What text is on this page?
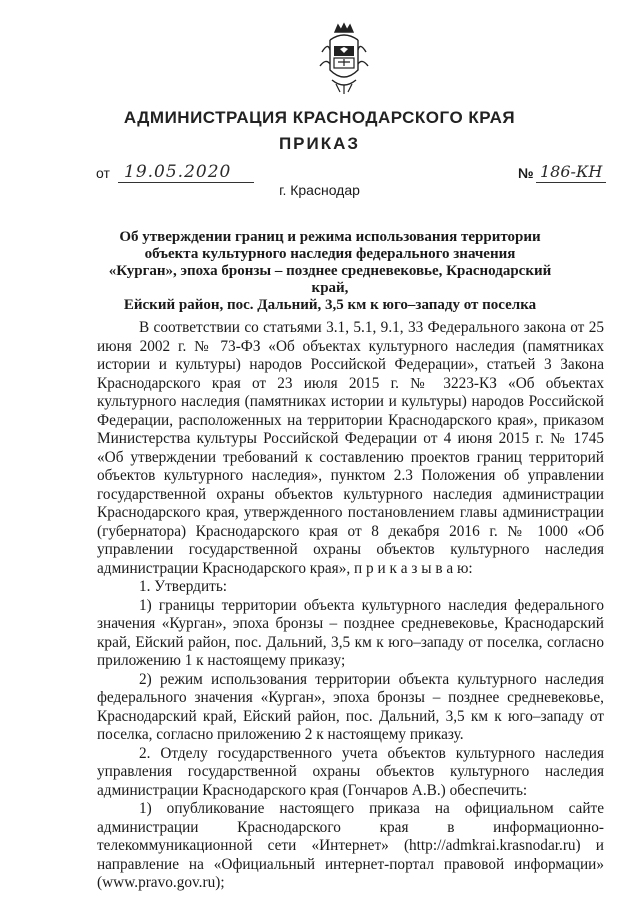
АДМИНИСТРАЦИЯ КРАСНОДАРСКОГО КРАЯ
ПРИКАЗ
от 19.05.2020	№ 186-КН
г. Краснодар
Об утверждении границ и режима использования территории
объекта культурного наследия федерального значения
«Курган», эпоха бронзы – позднее средневековье, Краснодарский край,
Ейский район, пос. Дальний, 3,5 км к юго–западу от поселка

В соответствии со статьями 3.1, 5.1, 9.1, 33 Федерального закона от 25 июня 2002 г. № 73-ФЗ «Об объектах культурного наследия (памятниках истории и культуры) народов Российской Федерации», статьей 3 Закона Краснодарского края от 23 июля 2015 г. № 3223-КЗ «Об объектах культурного наследия (памятниках истории и культуры) народов Российской Федерации, расположенных на территории Краснодарского края», приказом Министерства культуры Российской Федерации от 4 июня 2015 г. № 1745 «Об утверждении требований к составлению проектов границ территорий объектов культурного наследия», пунктом 2.3 Положения об управлении государственной охраны объектов культурного наследия администрации Краснодарского края, утвержденного постановлением главы администрации (губернатора) Краснодарского края от 8 декабря 2016 г. № 1000 «Об управлении государственной охраны объектов культурного наследия администрации Краснодарского края», п р и к а з ы в а ю:

1. Утвердить:

1) границы территории объекта культурного наследия федерального значения «Курган», эпоха бронзы – позднее средневековье, Краснодарский край, Ейский район, пос. Дальний, 3,5 км к юго–западу от поселка, согласно приложению 1 к настоящему приказу;

2) режим использования территории объекта культурного наследия федерального значения «Курган», эпоха бронзы – позднее средневековье, Краснодарский край, Ейский район, пос. Дальний, 3,5 км к юго–западу от поселка, согласно приложению 2 к настоящему приказу.

2. Отделу государственного учета объектов культурного наследия управления государственной охраны объектов культурного наследия администрации Краснодарского края (Гончаров А.В.) обеспечить:

1) опубликование настоящего приказа на официальном сайте администрации Краснодарского края в информационно-телекоммуникационной сети «Интернет» (http://admkrai.krasnodar.ru) и направление на «Официальный интернет-портал правовой информации» (www.pravo.gov.ru);
